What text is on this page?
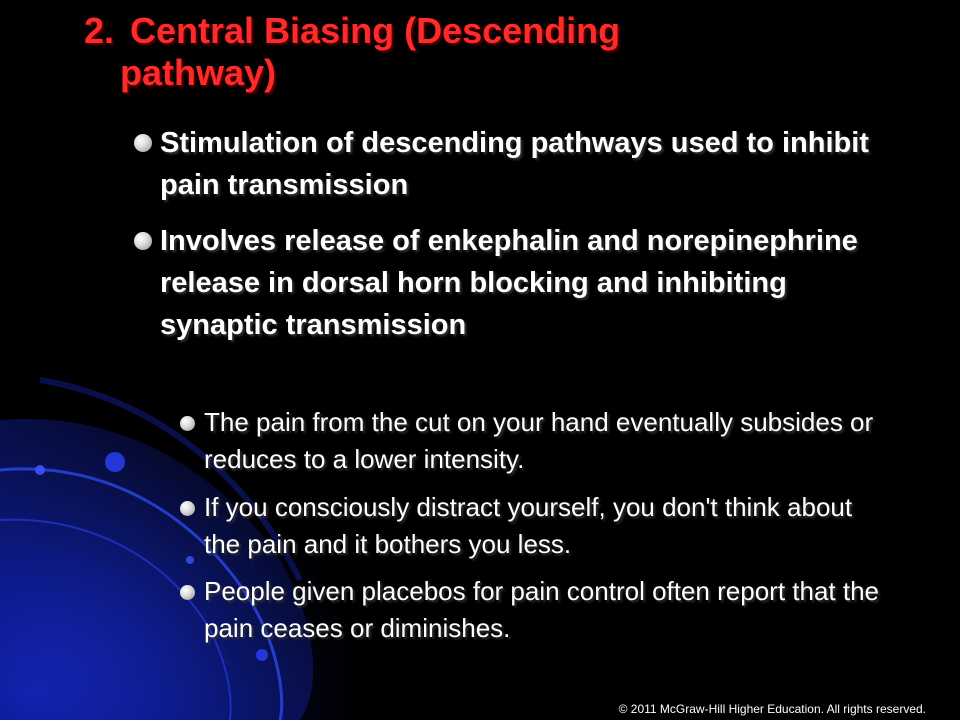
2. Central Biasing (Descending
pathway)
Stimulation of descending pathways used to inhibit pain transmission
Involves release of enkephalin and norepinephrine release in dorsal horn blocking and inhibiting synaptic transmission
The pain from the cut on your hand eventually subsides or reduces to a lower intensity.
If you consciously distract yourself, you don't think about the pain and it bothers you less.
People given placebos for pain control often report that the pain ceases or diminishes.
© 2011 McGraw-Hill Higher Education. All rights reserved.
